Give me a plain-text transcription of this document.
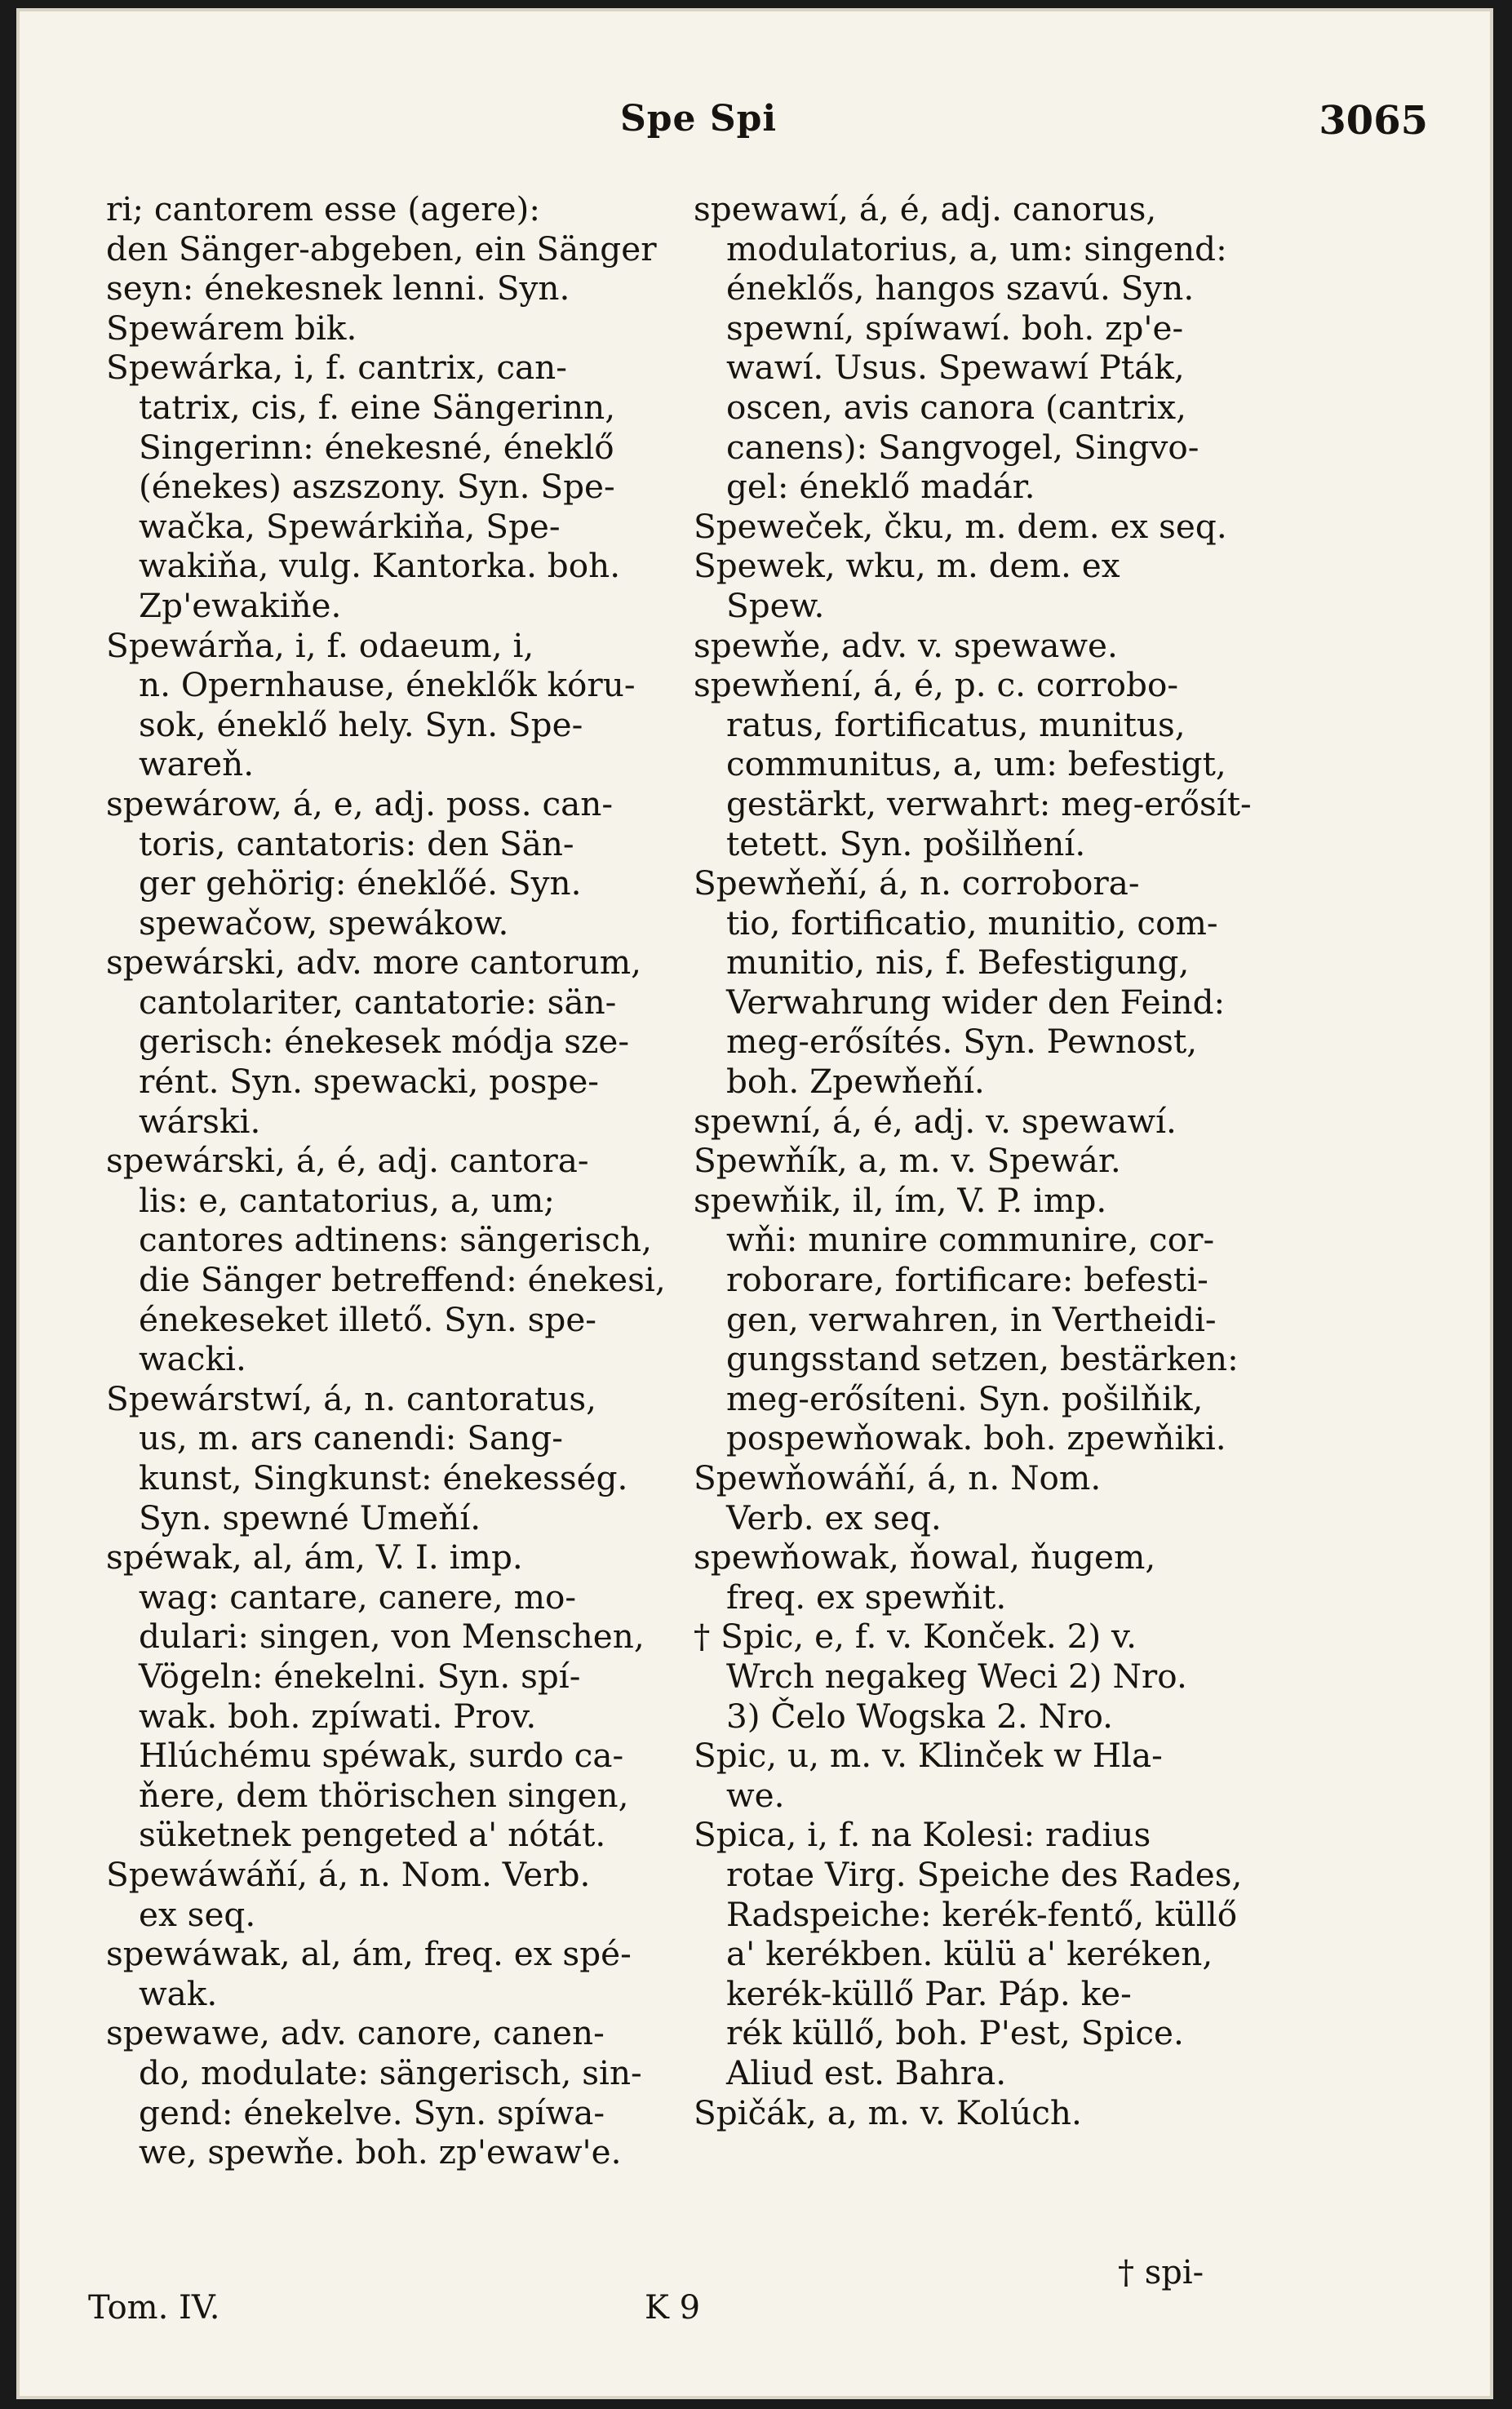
Spe Spi	3065
ri; cantorem esse (agere):
den Sänger-abgeben, ein Sänger
seyn: énekesnek lenni. Syn.
Spewárem bik.
Spewárka, i, f. cantrix, can-
tatrix, cis, f. eine Sängerinn,
Singerinn: énekesné, éneklő
(énekes) aszszony. Syn. Spe-
wačka, Spewárkiňa, Spe-
wakiňa, vulg. Kantorka. boh.
Zp'ewakiňe.
Spewárňa, i, f. odaeum, i,
n. Opernhause, éneklők kóru-
sok, éneklő hely. Syn. Spe-
wareň.
spewárow, á, e, adj. poss. can-
toris, cantatoris: den Sän-
ger gehörig: éneklőé. Syn.
spewačow, spewákow.
spewárski, adv. more cantorum,
cantolariter, cantatorie: sän-
gerisch: énekesek módja sze-
rént. Syn. spewacki, pospe-
wárski.
spewárski, á, é, adj. cantora-
lis: e, cantatorius, a, um;
cantores adtinens: sängerisch,
die Sänger betreffend: énekesi,
énekeseket illető. Syn. spe-
wacki.
Spewárstwí, á, n. cantoratus,
us, m. ars canendi: Sang-
kunst, Singkunst: énekesség.
Syn. spewné Umeňí.
spéwak, al, ám, V. I. imp.
wag: cantare, canere, mo-
dulari: singen, von Menschen,
Vögeln: énekelni. Syn. spí-
wak. boh. zpíwati. Prov.
Hlúchému spéwak, surdo ca-
ňere, dem thörischen singen,
süketnek pengeted a' nótát.
Spewáwáňí, á, n. Nom. Verb.
ex seq.
spewáwak, al, ám, freq. ex spé-
wak.
spewawe, adv. canore, canen-
do, modulate: sängerisch, sin-
gend: énekelve. Syn. spíwa-
we, spewňe. boh. zp'ewaw'e.
spewawí, á, é, adj. canorus,
modulatorius, a, um: singend:
éneklős, hangos szavú. Syn.
spewní, spíwawí. boh. zp'e-
wawí. Usus. Spewawí Pták,
oscen, avis canora (cantrix,
canens): Sangvogel, Singvo-
gel: éneklő madár.
Speweček, čku, m. dem. ex seq.
Spewek, wku, m. dem. ex
Spew.
spewňe, adv. v. spewawe.
spewňení, á, é, p. c. corrobo-
ratus, fortificatus, munitus,
communitus, a, um: befestigt,
gestärkt, verwahrt: meg-erősít-
tetett. Syn. pošilňení.
Spewňeňí, á, n. corrobora-
tio, fortificatio, munitio, com-
munitio, nis, f. Befestigung,
Verwahrung wider den Feind:
meg-erősítés. Syn. Pewnost,
boh. Zpewňeňí.
spewní, á, é, adj. v. spewawí.
Spewňík, a, m. v. Spewár.
spewňik, il, ím, V. P. imp.
wňi: munire communire, cor-
roborare, fortificare: befesti-
gen, verwahren, in Vertheidi-
gungsstand setzen, bestärken:
meg-erősíteni. Syn. pošilňik,
pospewňowak. boh. zpewňiki.
Spewňowáňí, á, n. Nom.
Verb. ex seq.
spewňowak, ňowal, ňugem,
freq. ex spewňit.
† Spic, e, f. v. Konček. 2) v.
Wrch negakeg Weci 2) Nro.
3) Čelo Wogska 2. Nro.
Spic, u, m. v. Klinček w Hla-
we.
Spica, i, f. na Kolesi: radius
rotae Virg. Speiche des Rades,
Radspeiche: kerék-fentő, küllő
a' kerékben. külü a' keréken,
kerék-küllő Par. Páp. ke-
rék küllő, boh. P'est, Spice.
Aliud est. Bahra.
Spičák, a, m. v. Kolúch.
† spi-
Tom. IV.	K 9
